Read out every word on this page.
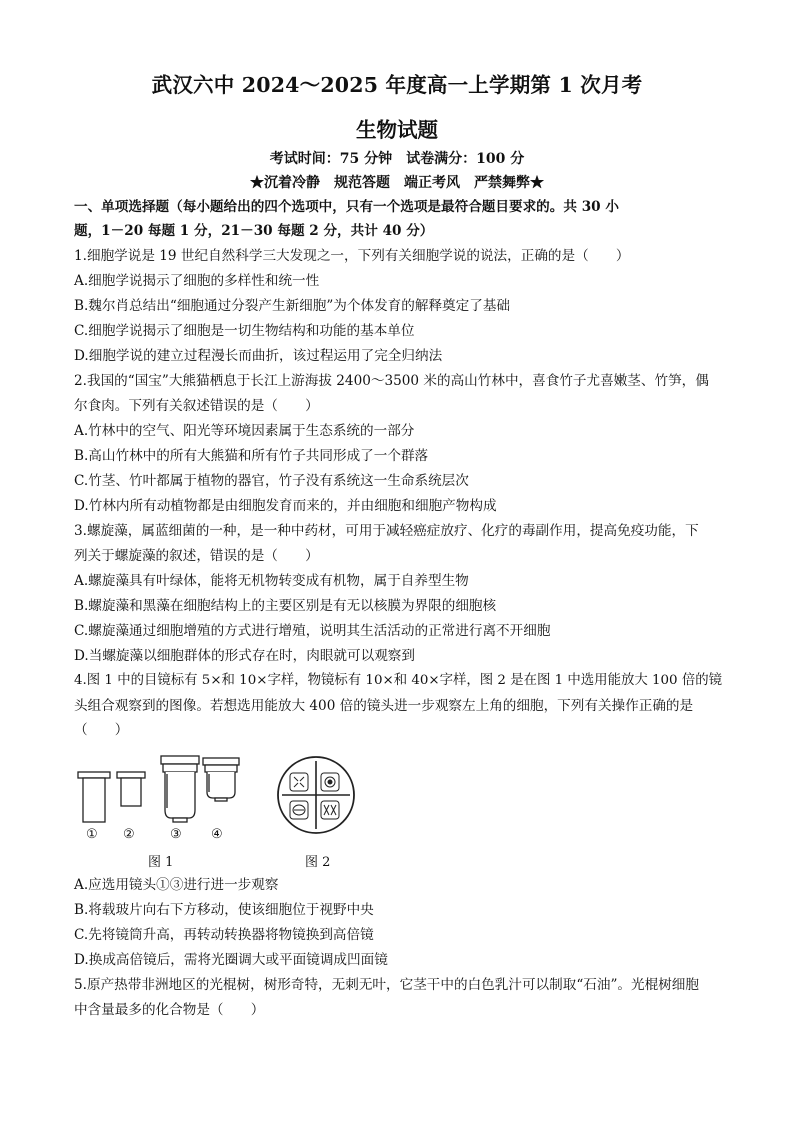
武汉六中 2024～2025 年度高一上学期第 1 次月考
生物试题
考试时间：75 分钟　试卷满分：100 分
★沉着冷静　规范答题　端正考风　严禁舞弊★
一、单项选择题（每小题给出的四个选项中，只有一个选项是最符合题目要求的。共 30 小
题，1－20 每题 1 分，21－30 每题 2 分，共计 40 分）
1.细胞学说是 19 世纪自然科学三大发现之一，下列有关细胞学说的说法，正确的是（　　）
A.细胞学说揭示了细胞的多样性和统一性
B.魏尔肖总结出“细胞通过分裂产生新细胞”为个体发育的解释奠定了基础
C.细胞学说揭示了细胞是一切生物结构和功能的基本单位
D.细胞学说的建立过程漫长而曲折，该过程运用了完全归纳法
2.我国的“国宝”大熊猫栖息于长江上游海拔 2400～3500 米的高山竹林中，喜食竹子尤喜嫩茎、竹笋，偶
尔食肉。下列有关叙述错误的是（　　）
A.竹林中的空气、阳光等环境因素属于生态系统的一部分
B.高山竹林中的所有大熊猫和所有竹子共同形成了一个群落
C.竹茎、竹叶都属于植物的器官，竹子没有系统这一生命系统层次
D.竹林内所有动植物都是由细胞发育而来的，并由细胞和细胞产物构成
3.螺旋藻，属蓝细菌的一种，是一种中药材，可用于减轻癌症放疗、化疗的毒副作用，提高免疫功能，下
列关于螺旋藻的叙述，错误的是（　　）
A.螺旋藻具有叶绿体，能将无机物转变成有机物，属于自养型生物
B.螺旋藻和黑藻在细胞结构上的主要区别是有无以核膜为界限的细胞核
C.螺旋藻通过细胞增殖的方式进行增殖，说明其生活活动的正常进行离不开细胞
D.当螺旋藻以细胞群体的形式存在时，肉眼就可以观察到
4.图 1 中的目镜标有 5×和 10×字样，物镜标有 10×和 40×字样，图 2 是在图 1 中选用能放大 100 倍的镜
头组合观察到的图像。若想选用能放大 400 倍的镜头进一步观察左上角的细胞，下列有关操作正确的是
（　　）
① ②	③ ④
图 1	图 2
A.应选用镜头①③进行进一步观察
B.将载玻片向右下方移动，使该细胞位于视野中央
C.先将镜筒升高，再转动转换器将物镜换到高倍镜
D.换成高倍镜后，需将光圈调大或平面镜调成凹面镜
5.原产热带非洲地区的光棍树，树形奇特，无刺无叶，它茎干中的白色乳汁可以制取“石油”。光棍树细胞
中含量最多的化合物是（　　）
